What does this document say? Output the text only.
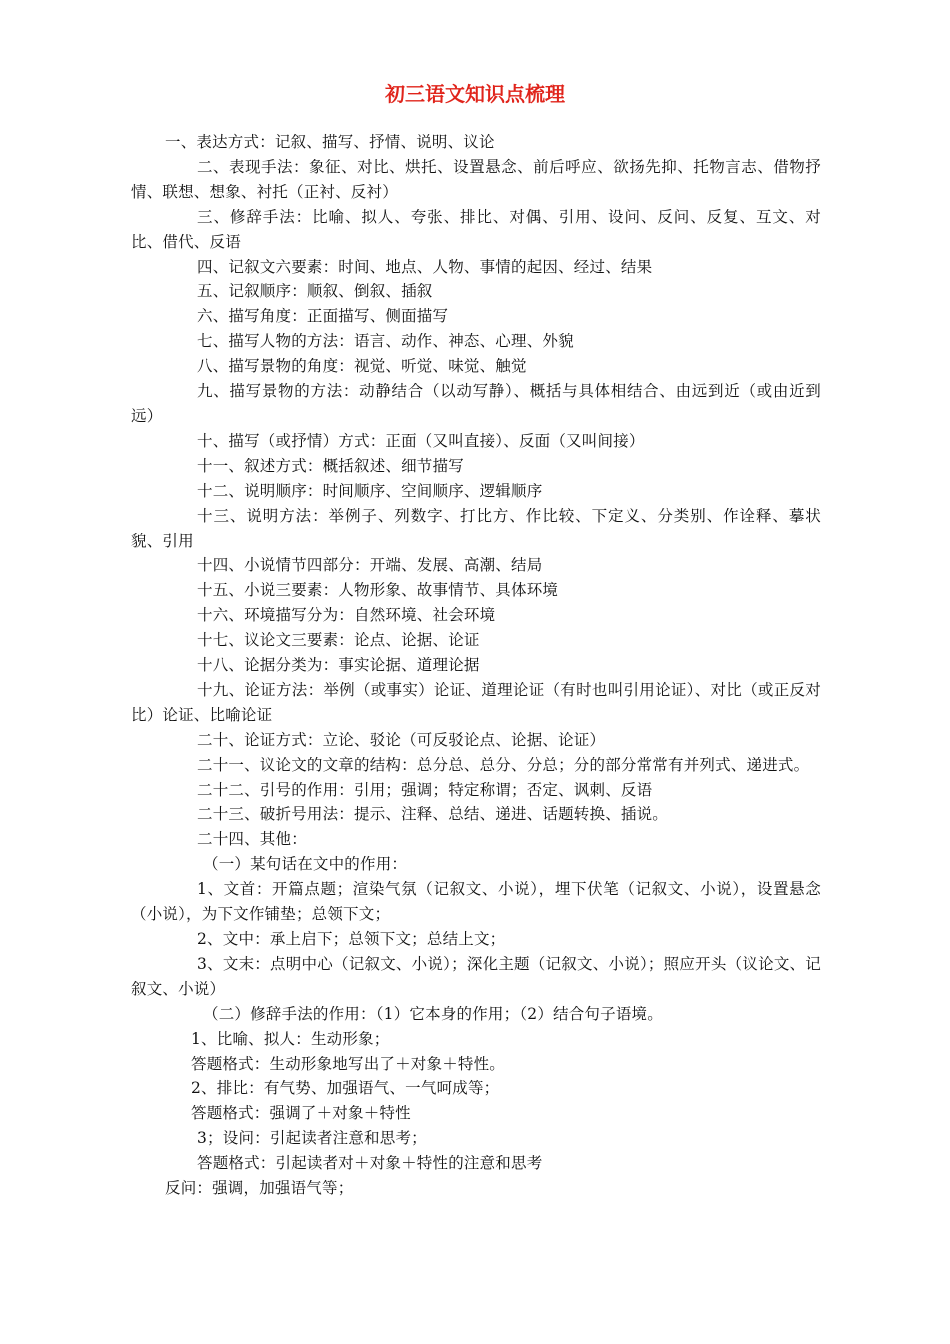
初三语文知识点梳理

一、表达方式：记叙、描写、抒情、说明、议论

二、表现手法：象征、对比、烘托、设置悬念、前后呼应、欲扬先抑、托物言志、借物抒情、联想、想象、衬托（正衬、反衬）

三、修辞手法：比喻、拟人、夸张、排比、对偶、引用、设问、反问、反复、互文、对比、借代、反语

四、记叙文六要素：时间、地点、人物、事情的起因、经过、结果

五、记叙顺序：顺叙、倒叙、插叙

六、描写角度：正面描写、侧面描写

七、描写人物的方法：语言、动作、神态、心理、外貌

八、描写景物的角度：视觉、听觉、味觉、触觉

九、描写景物的方法：动静结合（以动写静）、概括与具体相结合、由远到近（或由近到远）

十、描写（或抒情）方式：正面（又叫直接）、反面（又叫间接）

十一、叙述方式：概括叙述、细节描写

十二、说明顺序：时间顺序、空间顺序、逻辑顺序

十三、说明方法：举例子、列数字、打比方、作比较、下定义、分类别、作诠释、摹状貌、引用

十四、小说情节四部分：开端、发展、高潮、结局

十五、小说三要素：人物形象、故事情节、具体环境

十六、环境描写分为：自然环境、社会环境

十七、议论文三要素：论点、论据、论证

十八、论据分类为：事实论据、道理论据

十九、论证方法：举例（或事实）论证、道理论证（有时也叫引用论证）、对比（或正反对比）论证、比喻论证

二十、论证方式：立论、驳论（可反驳论点、论据、论证）

二十一、议论文的文章的结构：总分总、总分、分总；分的部分常常有并列式、递进式。

二十二、引号的作用：引用；强调；特定称谓；否定、讽刺、反语

二十三、破折号用法：提示、注释、总结、递进、话题转换、插说。

二十四、其他：

（一）某句话在文中的作用：

1、文首：开篇点题；渲染气氛（记叙文、小说），埋下伏笔（记叙文、小说），设置悬念（小说），为下文作铺垫；总领下文；

2、文中：承上启下；总领下文；总结上文；

3、文末：点明中心（记叙文、小说）；深化主题（记叙文、小说）；照应开头（议论文、记叙文、小说）

（二）修辞手法的作用：（1）它本身的作用；（2）结合句子语境。

1、比喻、拟人：生动形象；

答题格式：生动形象地写出了＋对象＋特性。

2、排比：有气势、加强语气、一气呵成等；

答题格式：强调了＋对象＋特性

3；设问：引起读者注意和思考；

答题格式：引起读者对＋对象＋特性的注意和思考

反问：强调，加强语气等；
